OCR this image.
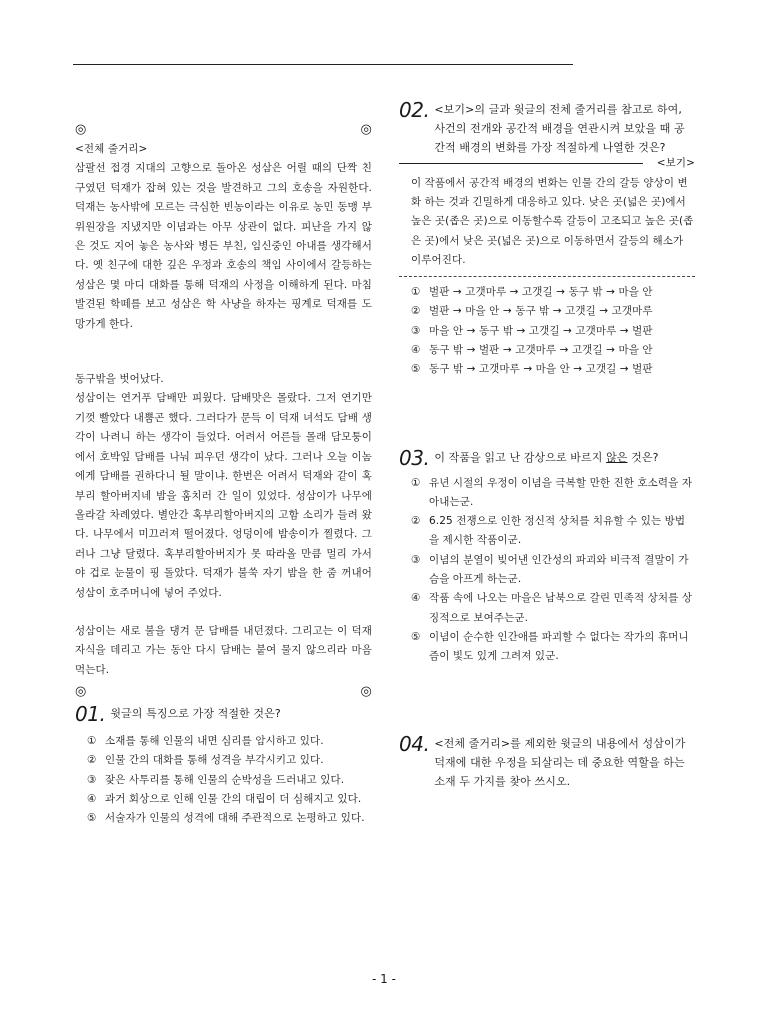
◎	◎
<전체 줄거리>

삼팔선 접경 지대의 고향으로 돌아온 성삼은 어릴 때의 단짝 친구였던 덕재가 잡혀 있는 것을 발견하고 그의 호송을 자원한다. 덕재는 농사밖에 모르는 극심한 빈농이라는 이유로 농민 동맹 부위원장을 지냈지만 이념과는 아무 상관이 없다. 피난을 가지 않은 것도 지어 놓은 농사와 병든 부친, 임신중인 아내를 생각해서다. 옛 친구에 대한 깊은 우정과 호송의 책임 사이에서 갈등하는 성삼은 몇 마디 대화를 통해 덕재의 사정을 이해하게 된다. 마침 발견된 학떼를 보고 성삼은 학 사냥을 하자는 핑계로 덕재를 도망가게 한다.

동구밖을 벗어났다.

성삼이는 연거푸 담배만 피웠다. 담배맛은 몰랐다. 그저 연기만 기껏 빨았다 내뿜곤 했다. 그러다가 문득 이 덕재 녀석도 담배 생각이 나려니 하는 생각이 들었다. 어려서 어른들 몰래 담모퉁이에서 호박잎 담배를 나눠 피우던 생각이 났다. 그러나 오늘 이놈에게 담배를 권하다니 될 말이냐. 한번은 어려서 덕재와 같이 혹부리 할아버지네 밤을 훔치러 간 일이 있었다. 성삼이가 나무에 올라갈 차례였다. 별안간 혹부리할아버지의 고함 소리가 들려 왔다. 나무에서 미끄러져 떨어졌다. 엉덩이에 밤송이가 찔렸다. 그러나 그냥 달렸다. 혹부리할아버지가 못 따라올 만큼 멀리 가서야 겁로 눈물이 핑 돌았다. 덕재가 불쑥 자기 밤을 한 줌 꺼내어 성삼이 호주머니에 넣어 주었다.

성삼이는 새로 불을 댕겨 문 담배를 내던졌다. 그리고는 이 덕재 자식을 데리고 가는 동안 다시 담배는 붙여 물지 않으리라 마음먹는다.

◎	◎
01. 윗글의 특징으로 가장 적절한 것은?
① 소재를 통해 인물의 내면 심리를 암시하고 있다.
② 인물 간의 대화를 통해 성격을 부각시키고 있다.
③ 잦은 사투리를 통해 인물의 순박성을 드러내고 있다.
④ 과거 회상으로 인해 인물 간의 대립이 더 심해지고 있다.
⑤ 서술자가 인물의 성격에 대해 주관적으로 논평하고 있다.
02. <보기>의 글과 윗글의 전체 줄거리를 참고로 하여, 사건의 전개와 공간적 배경을 연관시켜 보았을 때 공간적 배경의 변화를 가장 적절하게 나열한 것은?
<보기>
이 작품에서 공간적 배경의 변화는 인물 간의 갈등 양상이 변화 하는 것과 긴밀하게 대응하고 있다. 낮은 곳(넓은 곳)에서 높은 곳(좁은 곳)으로 이동할수록 갈등이 고조되고 높은 곳(좁은 곳)에서 낮은 곳(넓은 곳)으로 이동하면서 갈등의 해소가 이루어진다.
① 벌판 → 고갯마루 → 고갯길 → 동구 밖 → 마을 안
② 벌판 → 마을 안 → 동구 밖 → 고갯길 → 고갯마루
③ 마을 안 → 동구 밖 → 고갯길 → 고갯마루 → 벌판
④ 동구 밖 → 벌판 → 고갯마루 → 고갯길 → 마을 안
⑤ 동구 밖 → 고갯마루 → 마을 안 → 고갯길 → 벌판
03. 이 작품을 읽고 난 감상으로 바르지 않은 것은?
① 유년 시절의 우정이 이념을 극복할 만한 진한 호소력을 자아내는군.
② 6.25 전쟁으로 인한 정신적 상처를 치유할 수 있는 방법을 제시한 작품이군.
③ 이념의 분열이 빚어낸 인간성의 파괴와 비극적 결말이 가슴을 아프게 하는군.
④ 작품 속에 나오는 마을은 남북으로 갈린 민족적 상처를 상징적으로 보여주는군.
⑤ 이념이 순수한 인간애를 파괴할 수 없다는 작가의 휴머니즘이 빛도 있게 그려져 있군.
04. <전체 줄거리>를 제외한 윗글의 내용에서 성삼이가 덕재에 대한 우정을 되살리는 데 중요한 역할을 하는 소재 두 가지를 찾아 쓰시오.
- 1 -
